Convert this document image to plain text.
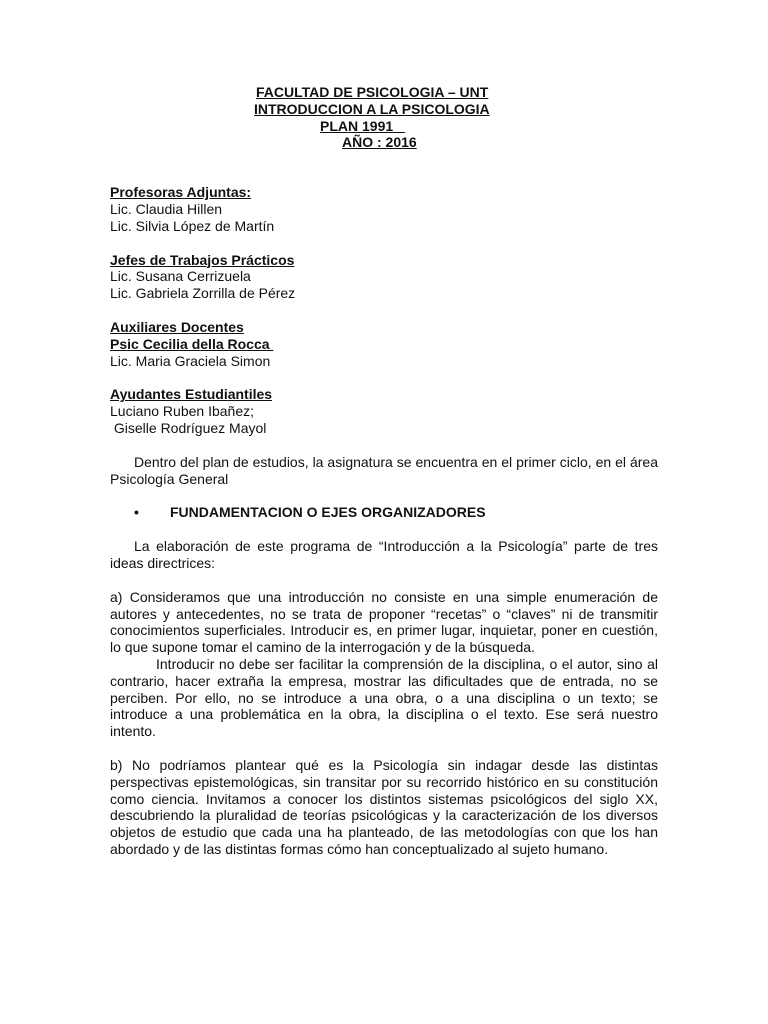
FACULTAD DE PSICOLOGIA – UNT
INTRODUCCION A LA PSICOLOGIA
PLAN 1991
AÑO : 2016
Profesoras Adjuntas:
Lic. Claudia Hillen
Lic. Silvia López de Martín
Jefes de Trabajos Prácticos
Lic. Susana Cerrizuela
Lic. Gabriela Zorrilla de Pérez
Auxiliares Docentes
Psic Cecilia della Rocca
Lic. Maria Graciela Simon
Ayudantes Estudiantiles
Luciano Ruben Ibañez;
Giselle Rodríguez Mayol

Dentro del plan de estudios, la asignatura se encuentra en el primer ciclo, en el área Psicología General

•	FUNDAMENTACION O EJES ORGANIZADORES

La elaboración de este programa de “Introducción a la Psicología” parte de tres ideas directrices:

a) Consideramos que una introducción no consiste en una simple enumeración de autores y antecedentes, no se trata de proponer “recetas” o “claves” ni de transmitir conocimientos superficiales. Introducir es, en primer lugar, inquietar, poner en cuestión, lo que supone tomar el camino de la interrogación y de la búsqueda.

Introducir no debe ser facilitar la comprensión de la disciplina, o el autor, sino al contrario, hacer extraña la empresa, mostrar las dificultades que de entrada, no se perciben. Por ello, no se introduce a una obra, o a una disciplina o un texto; se introduce a una problemática en la obra, la disciplina o el texto. Ese será nuestro intento.

b) No podríamos plantear qué es la Psicología sin indagar desde las distintas perspectivas epistemológicas, sin transitar por su recorrido histórico en su constitución como ciencia. Invitamos a conocer los distintos sistemas psicológicos del siglo XX, descubriendo la pluralidad de teorías psicológicas y la caracterización de los diversos objetos de estudio que cada una ha planteado, de las metodologías con que los han abordado y de las distintas formas cómo han conceptualizado al sujeto humano.
